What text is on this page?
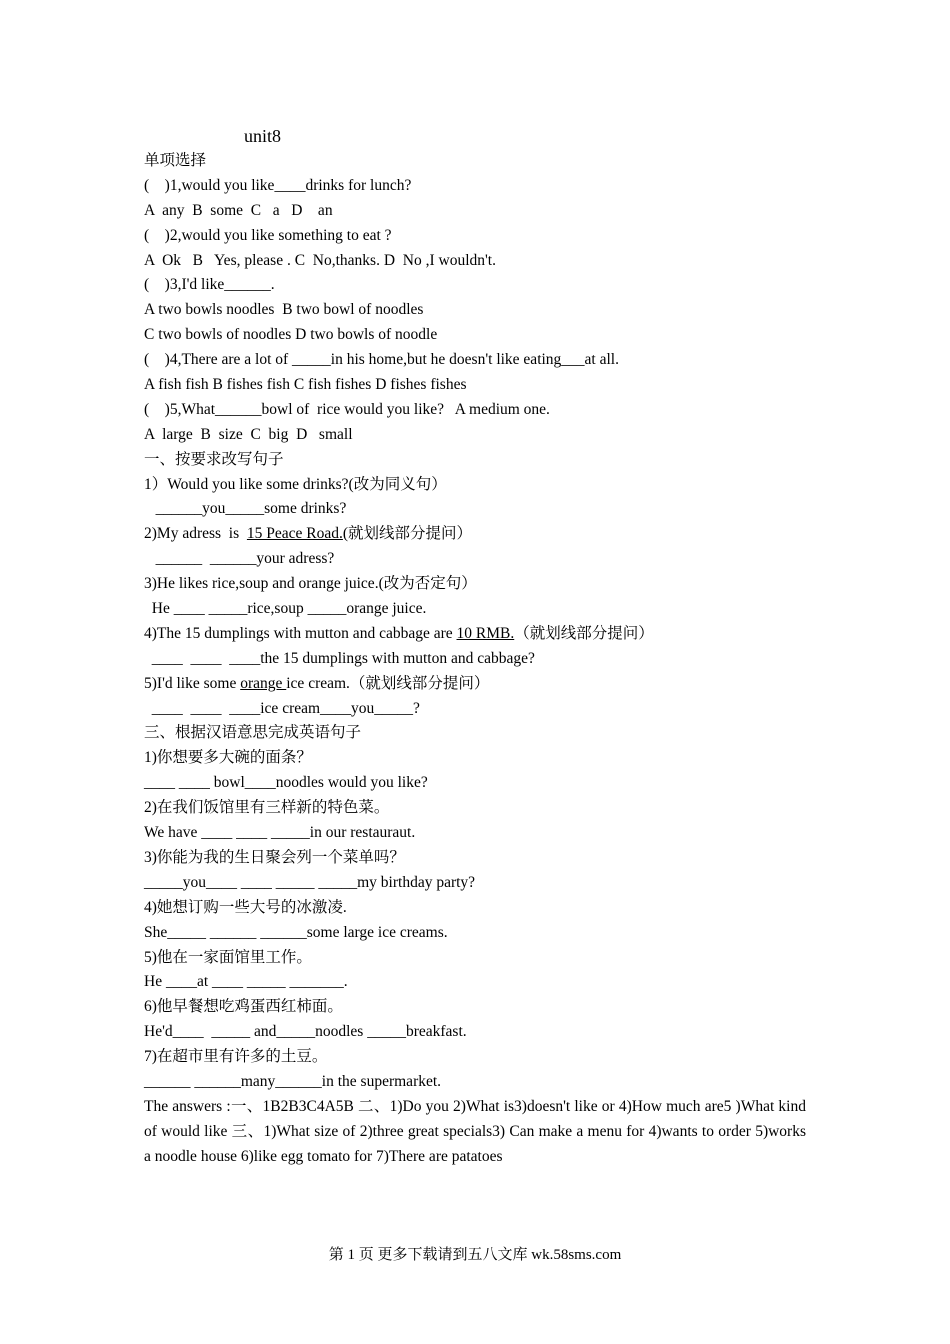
unit8
单项选择
(    )1,would you like____drinks for lunch?
A  any  B  some  C   a   D    an
(    )2,would you like something to eat ?
A  Ok   B   Yes, please . C  No,thanks. D  No ,I wouldn't.
(    )3,I'd like______.
A two bowls noodles  B two bowl of noodles
C two bowls of noodles D two bowls of noodle
(    )4,There are a lot of _____in his home,but he doesn't like eating___at all.
A fish fish B fishes fish C fish fishes D fishes fishes
(    )5,What______bowl of  rice would you like?   A medium one.
A  large  B  size  C  big  D   small
一、按要求改写句子
1）Would you like some drinks?(改为同义句）
______you_____some drinks?
2)My adress  is  15 Peace Road.(就划线部分提问）
______  ______your adress?
3)He likes rice,soup and orange juice.(改为否定句）
He ____ _____rice,soup _____orange juice.
4)The 15 dumplings with mutton and cabbage are 10 RMB.（就划线部分提问）
____  ____  ____the 15 dumplings with mutton and cabbage?
5)I'd like some orange ice cream.（就划线部分提问）
____  ____  ____ice cream____you_____?
三、根据汉语意思完成英语句子
1)你想要多大碗的面条？
____ ____ bowl____noodles would you like?
2)在我们饭馆里有三样新的特色菜。
We have ____ ____ _____in our restauraut.
3)你能为我的生日聚会列一个菜单吗？
_____you____ ____ _____ _____my birthday party?
4)她想订购一些大号的冰激凌.
She_____ ______ ______some large ice creams.
5)他在一家面馆里工作。
He ____at ____ _____ _______.
6)他早餐想吃鸡蛋西红柿面。
He'd____  _____ and_____noodles _____breakfast.
7)在超市里有许多的土豆。
______ ______many______in the supermarket.
The answers :一、1B2B3C4A5B 二、1)Do you 2)What is3)doesn't like or 4)How much are5 )What kind of would like 三、1)What size of 2)three great specials3) Can make a menu for 4)wants to order 5)works a noodle house 6)like egg tomato for 7)There are patatoes
第 1 页 更多下载请到五八文库 wk.58sms.com
